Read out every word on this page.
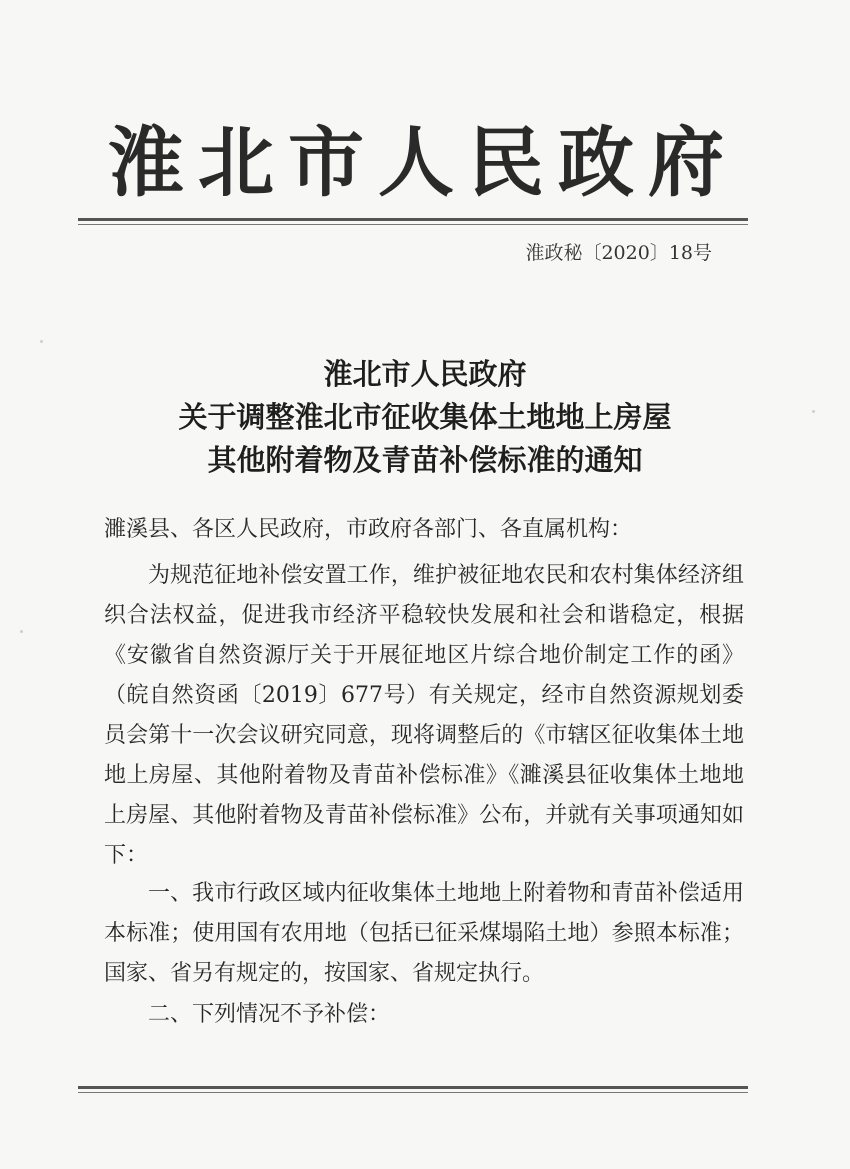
淮北市人民政府
淮政秘〔2020〕18号
淮北市人民政府
关于调整淮北市征收集体土地地上房屋
其他附着物及青苗补偿标准的通知
濉溪县、各区人民政府，市政府各部门、各直属机构：

为规范征地补偿安置工作，维护被征地农民和农村集体经济组织合法权益，促进我市经济平稳较快发展和社会和谐稳定，根据《安徽省自然资源厅关于开展征地区片综合地价制定工作的函》（皖自然资函〔2019〕677号）有关规定，经市自然资源规划委员会第十一次会议研究同意，现将调整后的《市辖区征收集体土地地上房屋、其他附着物及青苗补偿标准》《濉溪县征收集体土地地上房屋、其他附着物及青苗补偿标准》公布，并就有关事项通知如下：

一、我市行政区域内征收集体土地地上附着物和青苗补偿适用本标准；使用国有农用地（包括已征采煤塌陷土地）参照本标准；国家、省另有规定的，按国家、省规定执行。

二、下列情况不予补偿：
